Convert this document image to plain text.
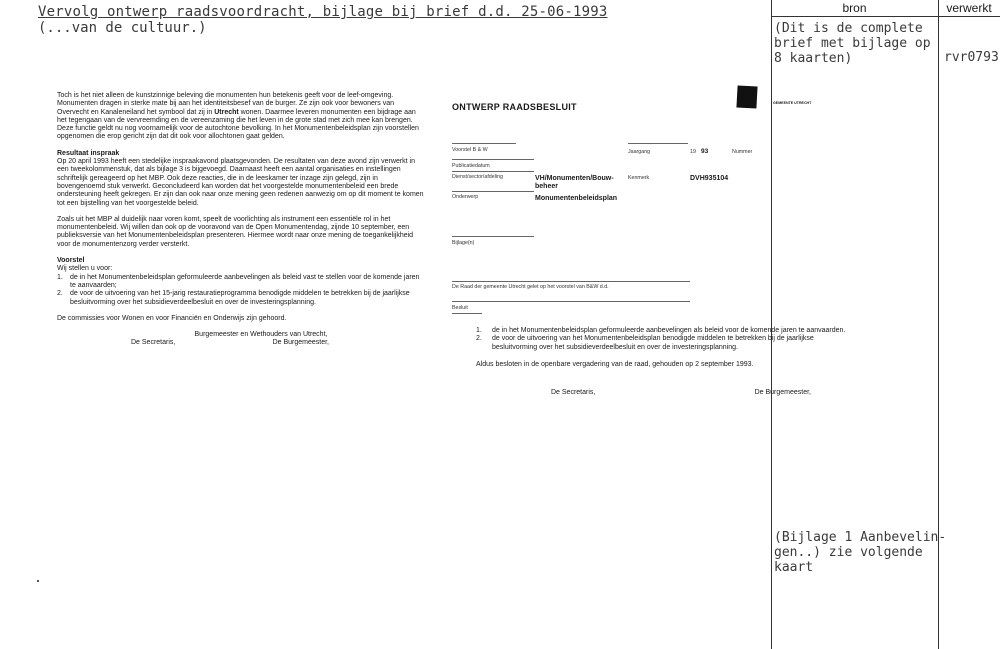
Vervolg ontwerp raadsvoordracht, bijlage bij brief d.d. 25-06-1993
(...van de cultuur.)
bron	verwerkt
(Dit is de complete
brief met bijlage op
8 kaarten)	rvr0793
(Bijlage 1 Aanbevelin-
gen..) zie volgende
kaart

Toch is het niet alleen de kunstzinnige beleving die monumenten hun betekenis geeft voor de leef-omgeving. Monumenten dragen in sterke mate bij aan het identiteitsbesef van de burger. Ze zijn ook voor bewoners van Overvecht en Kanaleneiland het symbool dat zij in Utrecht wonen. Daarmee leveren monumenten een bijdrage aan het tegengaan van de vervreemding en de vereenzaming die het leven in de grote stad met zich mee kan brengen. Deze functie geldt nu nog voornamelijk voor de autochtone bevolking. In het Monumentenbeleidsplan zijn voorstellen opgenomen die erop gericht zijn dat dit ook voor allochtonen gaat gelden.

Resultaat inspraak

Op 20 april 1993 heeft een stedelijke inspraakavond plaatsgevonden. De resultaten van deze avond zijn verwerkt in een tweekolommenstuk, dat als bijlage 3 is bijgevoegd. Daarnaast heeft een aantal organisaties en instellingen schriftelijk gereageerd op het MBP. Ook deze reacties, die in de leeskamer ter inzage zijn gelegd, zijn in bovengenoemd stuk verwerkt. Geconcludeerd kan worden dat het voorgestelde monumentenbeleid een brede ondersteuning heeft gekregen. Er zijn dan ook naar onze mening geen redenen aanwezig om op dit moment te komen tot een bijstelling van het voorgestelde beleid.

Zoals uit het MBP al duidelijk naar voren komt, speelt de voorlichting als instrument een essentiële rol in het monumentenbeleid. Wij willen dan ook op de vooravond van de Open Monumentendag, zijnde 10 september, een publieksversie van het Monumentenbeleidsplan presenteren. Hiermee wordt naar onze mening de toegankelijkheid voor de monumentenzorg verder versterkt.

Voorstel

Wij stellen u voor:

1. de in het Monumentenbeleidsplan geformuleerde aanbevelingen als beleid vast te stellen voor de komende jaren te aanvaarden;
2. de voor de uitvoering van het 15-jarig restauratieprogramma benodigde middelen te betrekken bij de jaarlijkse besluitvorming over het subsidieverdeelbesluit en over de investeringsplanning.

De commissies voor Wonen en voor Financiën en Onderwijs zijn gehoord.

Burgemeester en Wethouders van Utrecht,

De Secretaris,	De Burgemeester,
ONTWERP RAADSBESLUIT	GEMEENTE UTRECHT
Voorstel B & W	Jaargang	19 93	Nummer
Publicatiedatum
Dienst/sector/afdeling	VH/Monumenten/Bouw-
beheer
Kenmerk	DVH935104
Onderwerp	Monumentenbeleidsplan
Bijlage(n)
De Raad der gemeente Utrecht gelet op het voorstel van B&W d.d.
Besluit
1. de in het Monumentenbeleidsplan geformuleerde aanbevelingen als beleid voor de komende jaren te aanvaarden.
2. de voor de uitvoering van het Monumentenbeleidsplan benodigde middelen te betrekken bij de jaarlijkse besluitvorming over het subsidieverdeelbesluit en over de investeringsplanning.

Aldus besloten in de openbare vergadering van de raad, gehouden op 2 september 1993.

De Secretaris,	De Burgemeester,
